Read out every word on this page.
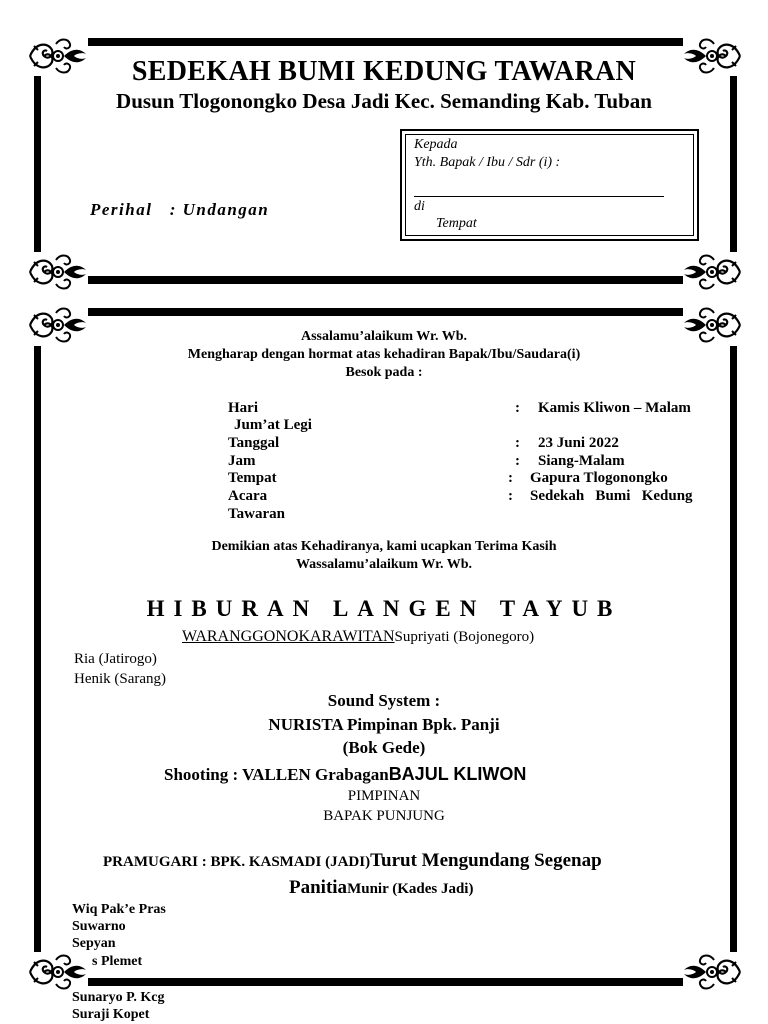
SEDEKAH BUMI KEDUNG TAWARAN
Dusun Tlogonongko Desa Jadi Kec. Semanding Kab. Tuban
Perihal   : Undangan
Kepada
Yth. Bapak / Ibu / Sdr (i) :
di
Tempat
Assalamu’alaikum Wr. Wb.
Mengharap dengan hormat atas kehadiran Bapak/Ibu/Saudara(i)
Besok pada :
Hari	: Kamis Kliwon – Malam
Jum’at Legi
Tanggal	: 23 Juni 2022
Jam	: Siang-Malam
Tempat	: Gapura Tlogonongko
Acara	: Sedekah   Bumi   Kedung
Tawaran
Demikian atas Kehadiranya, kami ucapkan Terima Kasih
Wassalamu’alaikum Wr. Wb.
HIBURAN LANGEN TAYUB
WARANGGONOKARAWITANSupriyati (Bojonegoro)
Ria (Jatirogo)
Henik (Sarang)
Sound System :
NURISTA Pimpinan Bpk. Panji
(Bok Gede)
Shooting : VALLEN GrabaganBAJUL KLIWON
PIMPINAN
BAPAK PUNJUNG
PRAMUGARI : BPK. KASMADI (JADI)Turut Mengundang Segenap
PanitiaMunir (Kades Jadi)
Wiq Pak’e Pras
Suwarno
Sepyan
s Plemet
Sunaryo P. Kcg
Suraji Kopet
